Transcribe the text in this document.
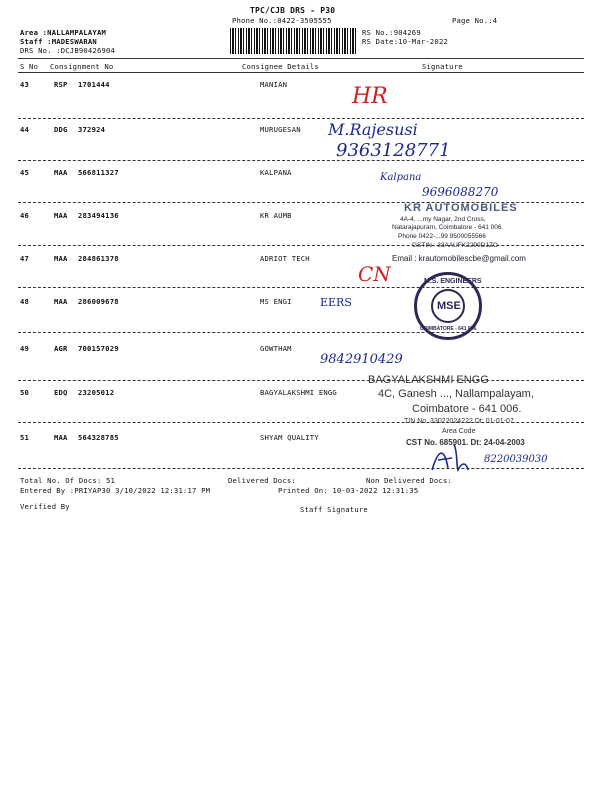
TPC/CJB DRS - P30
Phone No.:0422-3505555	Page No.:4
Area :NALLAMPALAYAM
Staff :MADESWARAN
DRS No. :DCJB90426904
RS No.:904269
RS Date:10-Mar-2022
S No Consignment No	Consignee Details	Signature
43	RSP 1701444	MANIAN
44	DDG 372924	MURUGESAN
45	MAA 566811327	KALPANA
46	MAA 283494136	KR AUMB
47	MAA 284861378	ADRIOT TECH
48	MAA 286009678	MS ENGI
49	AGR 700157029	GOWTHAM
50	EDQ 23205012	BAGYALAKSHMI ENGG
51	MAA 564328785	SHYAM QUALITY
HR
M.Rajesusi
9363128771
Kalpana
9696088270
KR AUTOMOBILES
4A-4, ...my Nagar, 2nd Cross,
Natarajapuram, Coimbatore - 641 006.
Phone 0422-...99 9500055566
GSTIN : 33AAUFK2290D1ZO
Email : krautomobilescbe@gmail.com
CN
EERS
M.S. ENGINEERS
COIMBATORE - 641 006
MSE
9842910429
BAGYALAKSHMI ENGG
4C, Ganesh ..., Nallampalayam,
Coimbatore - 641 006.
TIN No. 33022024222 Dt: 01-01-07.
Area Code
CST No. 685901. Dt: 24-04-2003
8220039030
Total No. Of Docs: 51	Delivered Docs:	Non Delivered Docs:
Entered By :PRIYAP30 3/10/2022 12:31:17 PM	Printed On: 10-03-2022 12:31:35
Verified By	Staff Signature
